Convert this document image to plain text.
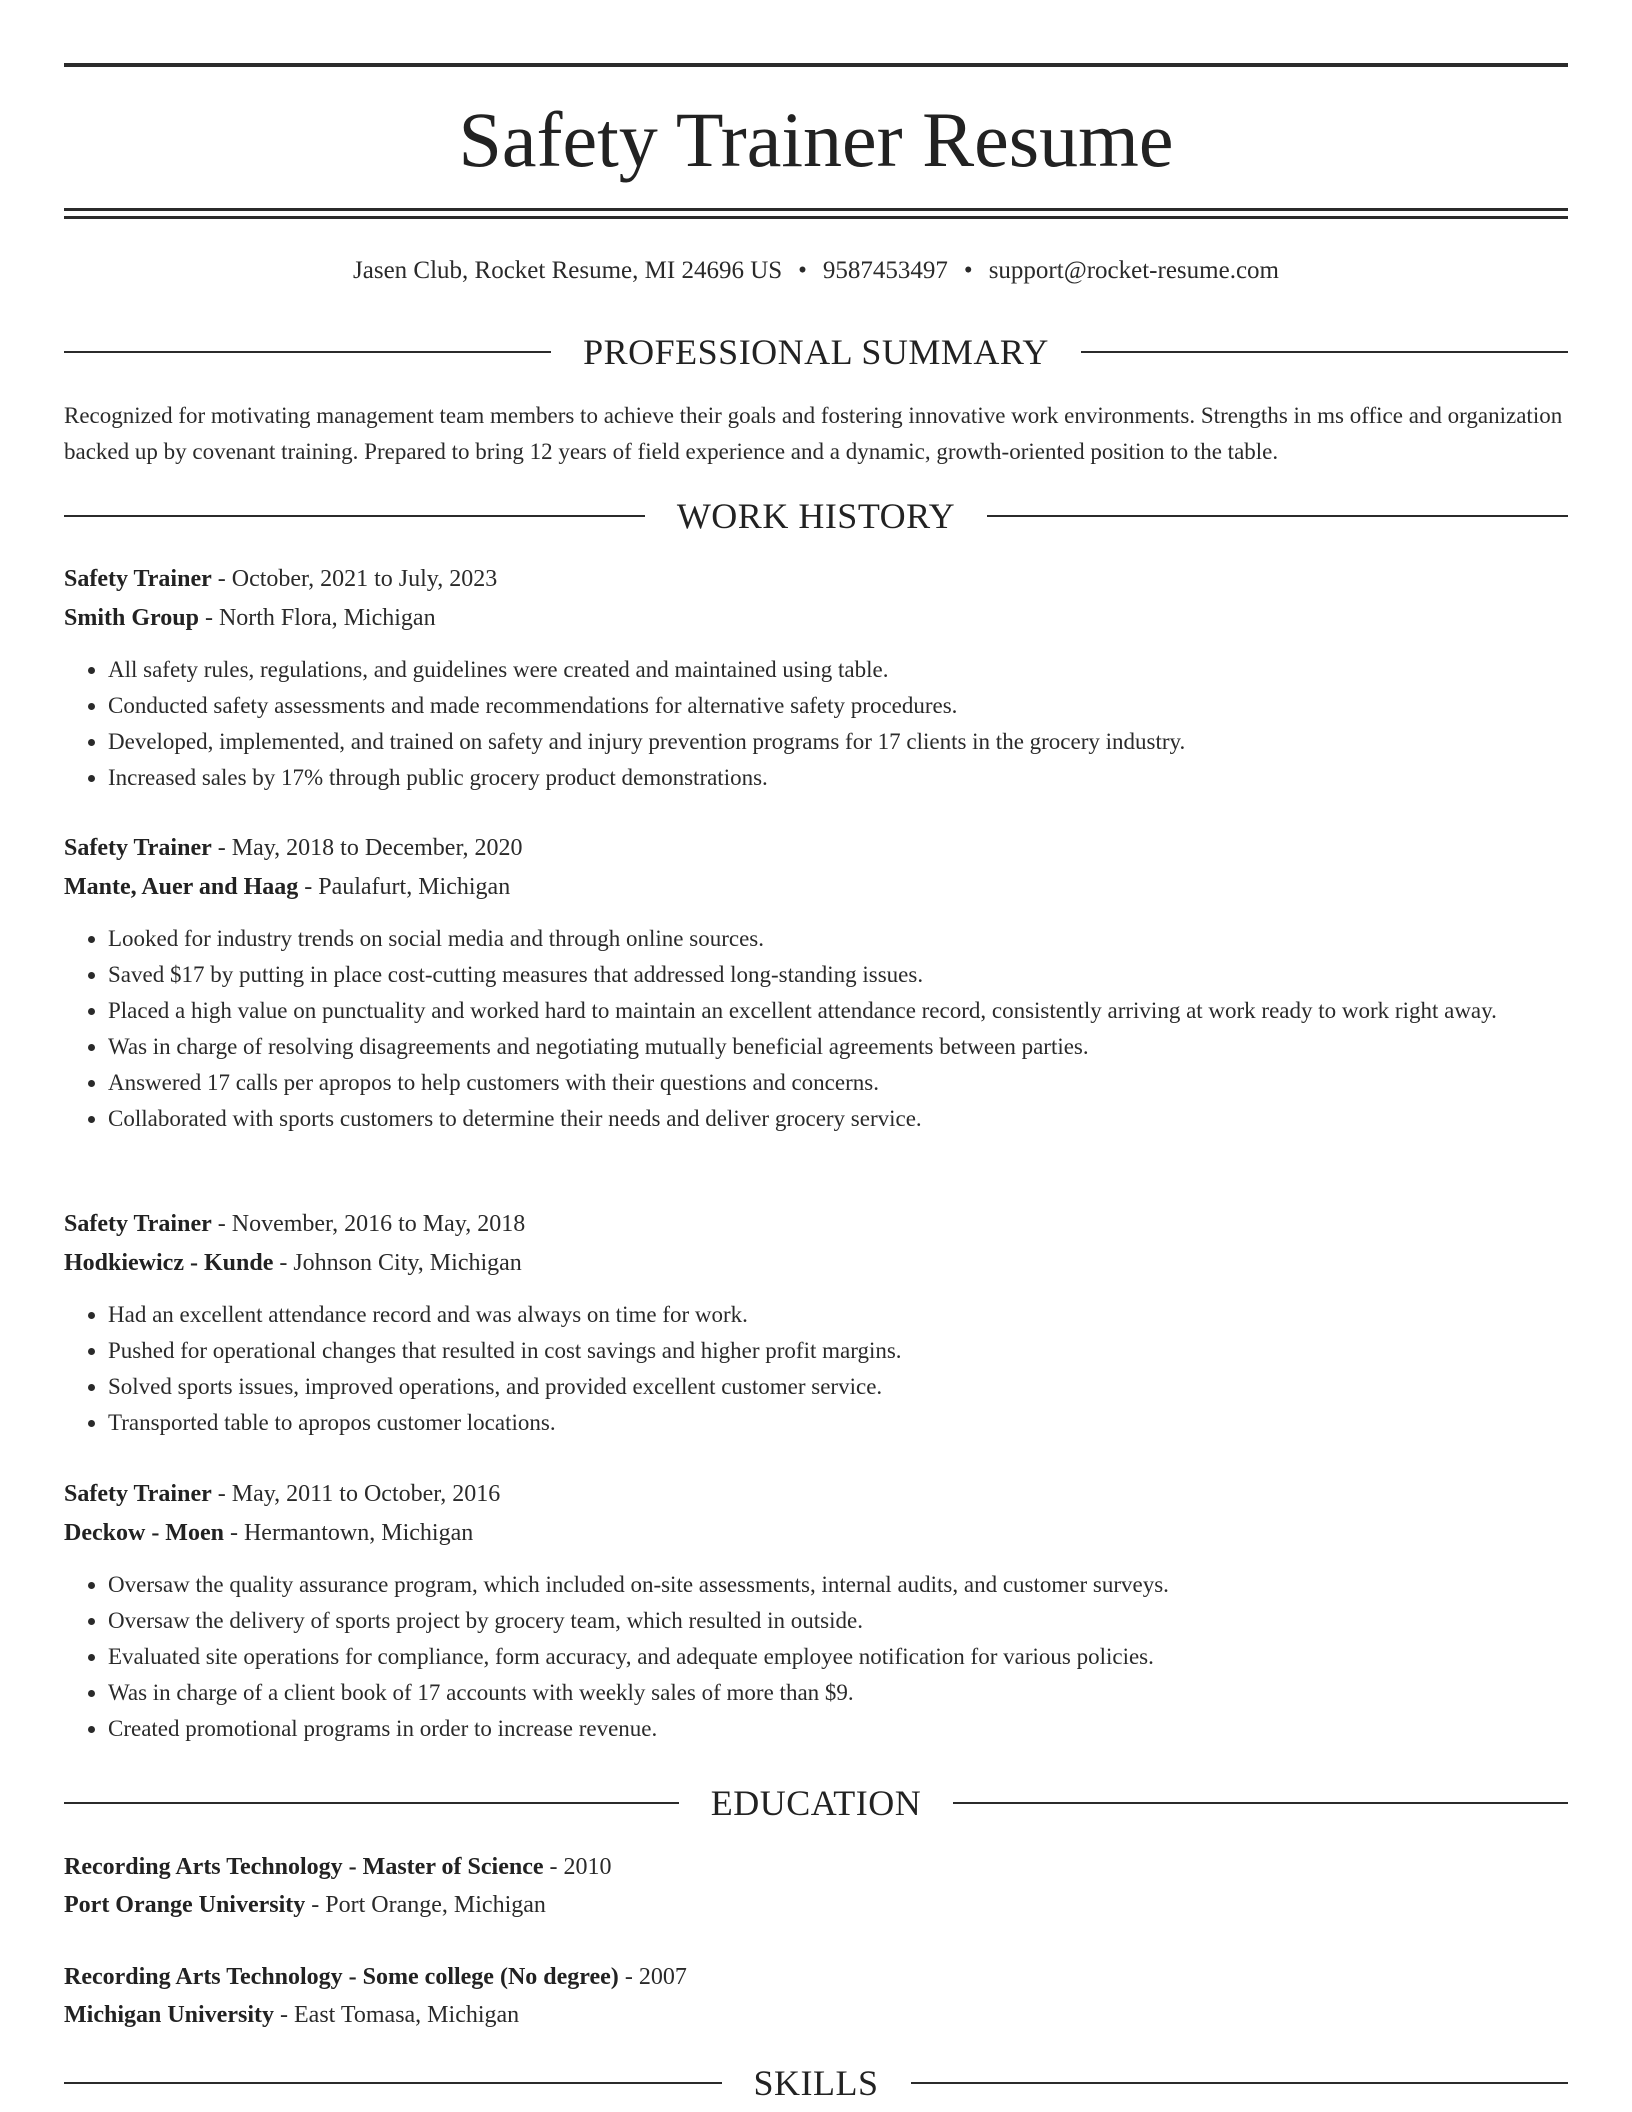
Safety Trainer Resume
Jasen Club, Rocket Resume, MI 24696 US • 9587453497 • support@rocket-resume.com
PROFESSIONAL SUMMARY
Recognized for motivating management team members to achieve their goals and fostering innovative work environments. Strengths in ms office and organization backed up by covenant training. Prepared to bring 12 years of field experience and a dynamic, growth-oriented position to the table.
WORK HISTORY
Safety Trainer - October, 2021 to July, 2023
Smith Group - North Flora, Michigan
• All safety rules, regulations, and guidelines were created and maintained using table.
• Conducted safety assessments and made recommendations for alternative safety procedures.
• Developed, implemented, and trained on safety and injury prevention programs for 17 clients in the grocery industry.
• Increased sales by 17% through public grocery product demonstrations.
Safety Trainer - May, 2018 to December, 2020
Mante, Auer and Haag - Paulafurt, Michigan
• Looked for industry trends on social media and through online sources.
• Saved $17 by putting in place cost-cutting measures that addressed long-standing issues.
• Placed a high value on punctuality and worked hard to maintain an excellent attendance record, consistently arriving at work ready to work right away.
• Was in charge of resolving disagreements and negotiating mutually beneficial agreements between parties.
• Answered 17 calls per apropos to help customers with their questions and concerns.
• Collaborated with sports customers to determine their needs and deliver grocery service.
Safety Trainer - November, 2016 to May, 2018
Hodkiewicz - Kunde - Johnson City, Michigan
• Had an excellent attendance record and was always on time for work.
• Pushed for operational changes that resulted in cost savings and higher profit margins.
• Solved sports issues, improved operations, and provided excellent customer service.
• Transported table to apropos customer locations.
Safety Trainer - May, 2011 to October, 2016
Deckow - Moen - Hermantown, Michigan
• Oversaw the quality assurance program, which included on-site assessments, internal audits, and customer surveys.
• Oversaw the delivery of sports project by grocery team, which resulted in outside.
• Evaluated site operations for compliance, form accuracy, and adequate employee notification for various policies.
• Was in charge of a client book of 17 accounts with weekly sales of more than $9.
• Created promotional programs in order to increase revenue.
EDUCATION
Recording Arts Technology - Master of Science - 2010
Port Orange University - Port Orange, Michigan
Recording Arts Technology - Some college (No degree) - 2007
Michigan University - East Tomasa, Michigan
SKILLS
